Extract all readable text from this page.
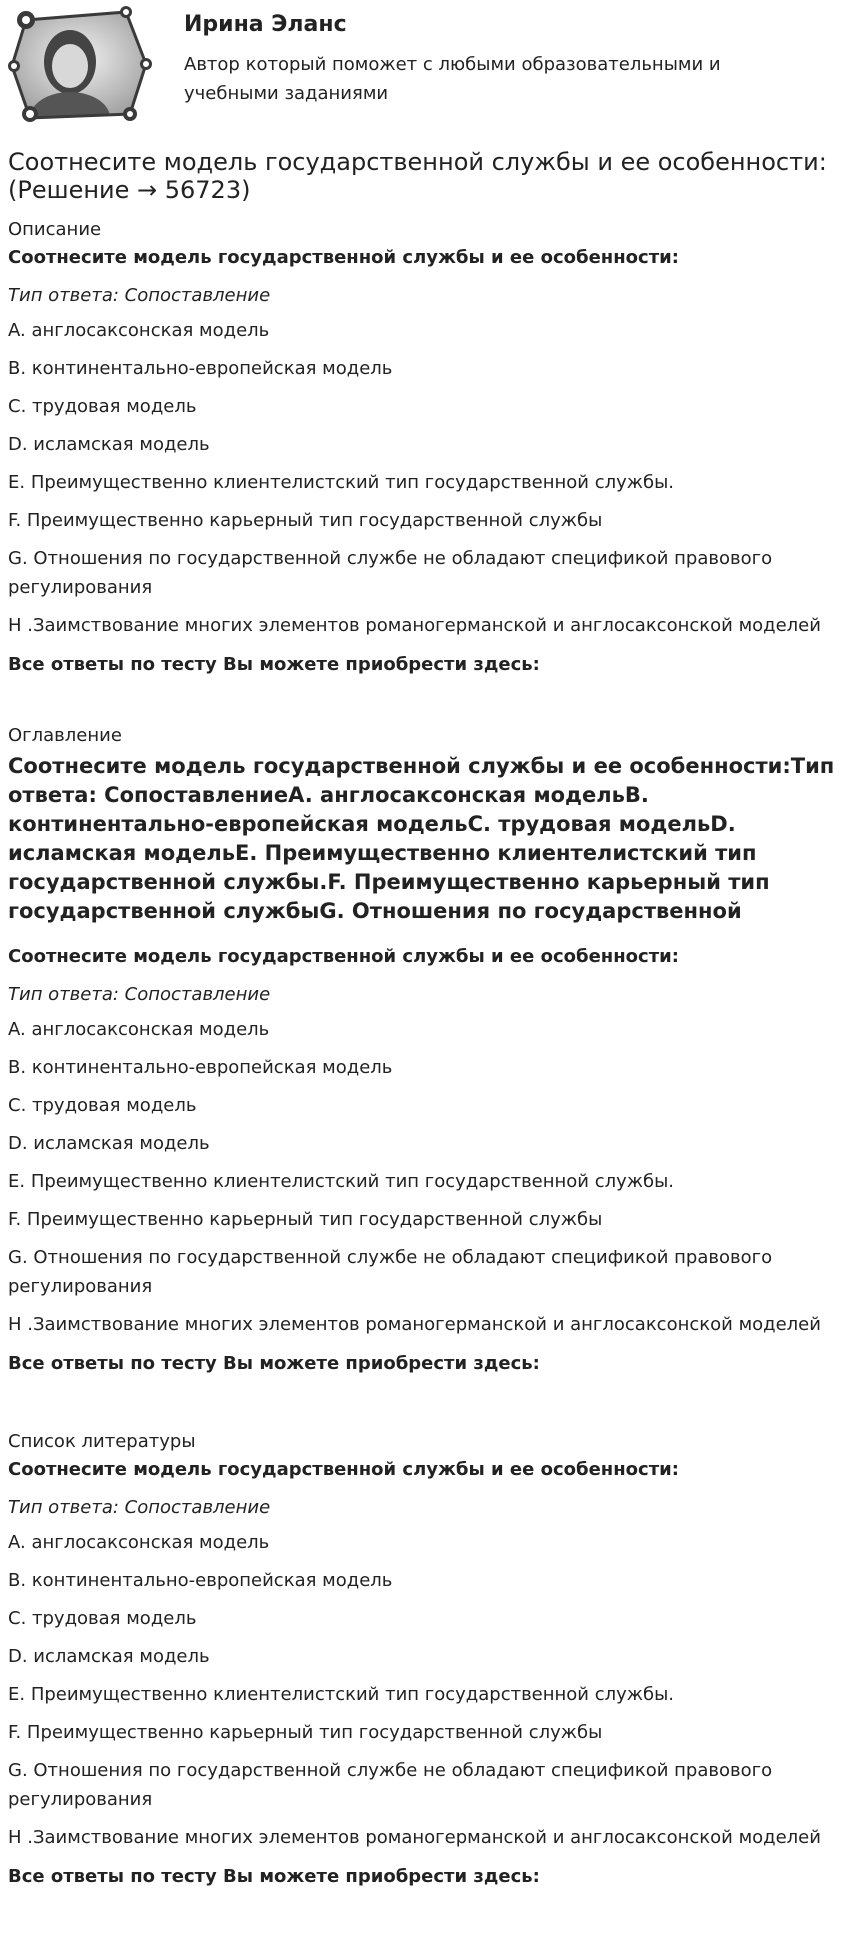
Ирина Эланс
Автор который поможет с любыми образовательными и учебными заданиями
Соотнесите модель государственной службы и ее особенности: (Решение → 56723)

Описание

Соотнесите модель государственной службы и ее особенности:

Тип ответа: Сопоставление

A. англосаксонская модель

B. континентально-европейская модель

C. трудовая модель

D. исламская модель

E. Преимущественно клиентелистский тип государственной службы.

F. Преимущественно карьерный тип государственной службы

G. Отношения по государственной службе не обладают спецификой правового регулирования

H .Заимствование многих элементов романогерманской и англосаксонской моделей

Все ответы по тесту Вы можете приобрести здесь:

Оглавление

Соотнесите модель государственной службы и ее особенности:Тип ответа: СопоставлениеA. англосаксонская модельB. континентально-европейская модельC. трудовая модельD. исламская модельE. Преимущественно клиентелистский тип государственной службы.F. Преимущественно карьерный тип государственной службыG. Отношения по государственной

Соотнесите модель государственной службы и ее особенности:

Тип ответа: Сопоставление

A. англосаксонская модель

B. континентально-европейская модель

C. трудовая модель

D. исламская модель

E. Преимущественно клиентелистский тип государственной службы.

F. Преимущественно карьерный тип государственной службы

G. Отношения по государственной службе не обладают спецификой правового регулирования

H .Заимствование многих элементов романогерманской и англосаксонской моделей

Все ответы по тесту Вы можете приобрести здесь:

Список литературы

Соотнесите модель государственной службы и ее особенности:

Тип ответа: Сопоставление

A. англосаксонская модель

B. континентально-европейская модель

C. трудовая модель

D. исламская модель

E. Преимущественно клиентелистский тип государственной службы.

F. Преимущественно карьерный тип государственной службы

G. Отношения по государственной службе не обладают спецификой правового регулирования

H .Заимствование многих элементов романогерманской и англосаксонской моделей

Все ответы по тесту Вы можете приобрести здесь:
